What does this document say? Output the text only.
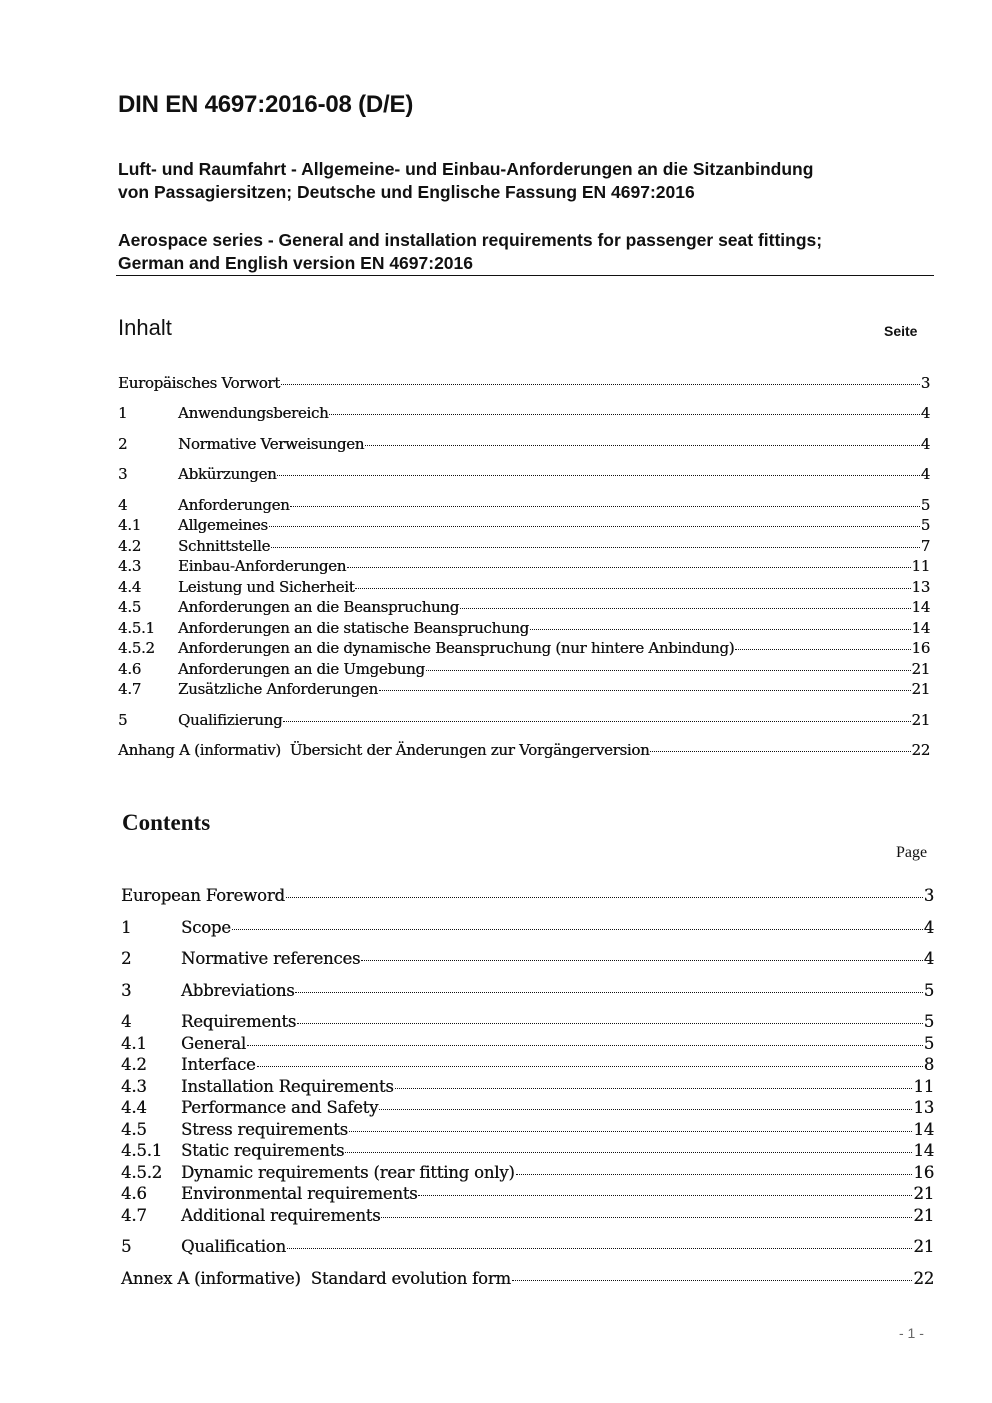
DIN EN 4697:2016-08 (D/E)
Luft- und Raumfahrt - Allgemeine- und Einbau-Anforderungen an die Sitzanbindung
von Passagiersitzen; Deutsche und Englische Fassung EN 4697:2016
Aerospace series - General and installation requirements for passenger seat fittings;
German and English version EN 4697:2016
Inhalt	Seite
Europäisches Vorwort	3
1	Anwendungsbereich	4
2	Normative Verweisungen	4
3	Abkürzungen	4
4	Anforderungen	5
4.1	Allgemeines	5
4.2	Schnittstelle	7
4.3	Einbau-Anforderungen	11
4.4	Leistung und Sicherheit	13
4.5	Anforderungen an die Beanspruchung	14
4.5.1	Anforderungen an die statische Beanspruchung	14
4.5.2	Anforderungen an die dynamische Beanspruchung (nur hintere Anbindung)	16
4.6	Anforderungen an die Umgebung	21
4.7	Zusätzliche Anforderungen	21
5	Qualifizierung	21
Anhang A (informativ)  Übersicht der Änderungen zur Vorgängerversion	22
Contents
Page
European Foreword	3
1	Scope	4
2	Normative references	4
3	Abbreviations	5
4	Requirements	5
4.1	General	5
4.2	Interface	8
4.3	Installation Requirements	11
4.4	Performance and Safety	13
4.5	Stress requirements	14
4.5.1	Static requirements	14
4.5.2	Dynamic requirements (rear fitting only)	16
4.6	Environmental requirements	21
4.7	Additional requirements	21
5	Qualification	21
Annex A (informative)  Standard evolution form	22
- 1 -
